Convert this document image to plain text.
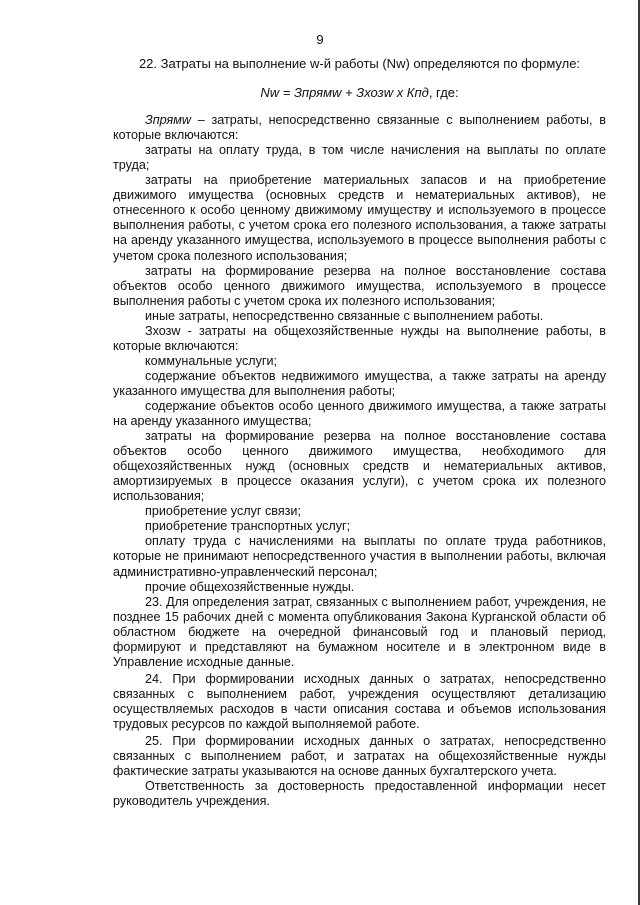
9

22. Затраты на выполнение w-й работы (Nw) определяются по формуле:

Nw = Зпрямw + Зхозw x Кпд, где:

Зпрямw – затраты, непосредственно связанные с выполнением работы, в которые включаются:

затраты на оплату труда, в том числе начисления на выплаты по оплате труда;

затраты на приобретение материальных запасов и на приобретение движимого имущества (основных средств и нематериальных активов), не отнесенного к особо ценному движимому имуществу и используемого в процессе выполнения работы, с учетом срока его полезного использования, а также затраты на аренду указанного имущества, используемого в процессе выполнения работы с учетом срока полезного использования;

затраты на формирование резерва на полное восстановление состава объектов особо ценного движимого имущества, используемого в процессе выполнения работы с учетом срока их полезного использования;

иные затраты, непосредственно связанные с выполнением работы.

Зхозw - затраты на общехозяйственные нужды на выполнение работы, в которые включаются:

коммунальные услуги;

содержание объектов недвижимого имущества, а также затраты на аренду указанного имущества для выполнения работы;

содержание объектов особо ценного движимого имущества, а также затраты на аренду указанного имущества;

затраты на формирование резерва на полное восстановление состава объектов особо ценного движимого имущества, необходимого для общехозяйственных нужд (основных средств и нематериальных активов, амортизируемых в процессе оказания услуги), с учетом срока их полезного использования;

приобретение услуг связи;

приобретение транспортных услуг;

оплату труда с начислениями на выплаты по оплате труда работников, которые не принимают непосредственного участия в выполнении работы, включая административно-управленческий персонал;

прочие общехозяйственные нужды.

23. Для определения затрат, связанных с выполнением работ, учреждения, не позднее 15 рабочих дней с момента опубликования Закона Курганской области об областном бюджете на очередной финансовый год и плановый период, формируют и представляют на бумажном носителе и в электронном виде в Управление исходные данные.

24. При формировании исходных данных о затратах, непосредственно связанных с выполнением работ, учреждения осуществляют детализацию осуществляемых расходов в части описания состава и объемов использования трудовых ресурсов по каждой выполняемой работе.

25. При формировании исходных данных о затратах, непосредственно связанных с выполнением работ, и затратах на общехозяйственные нужды фактические затраты указываются на основе данных бухгалтерского учета.

Ответственность за достоверность предоставленной информации несет руководитель учреждения.
